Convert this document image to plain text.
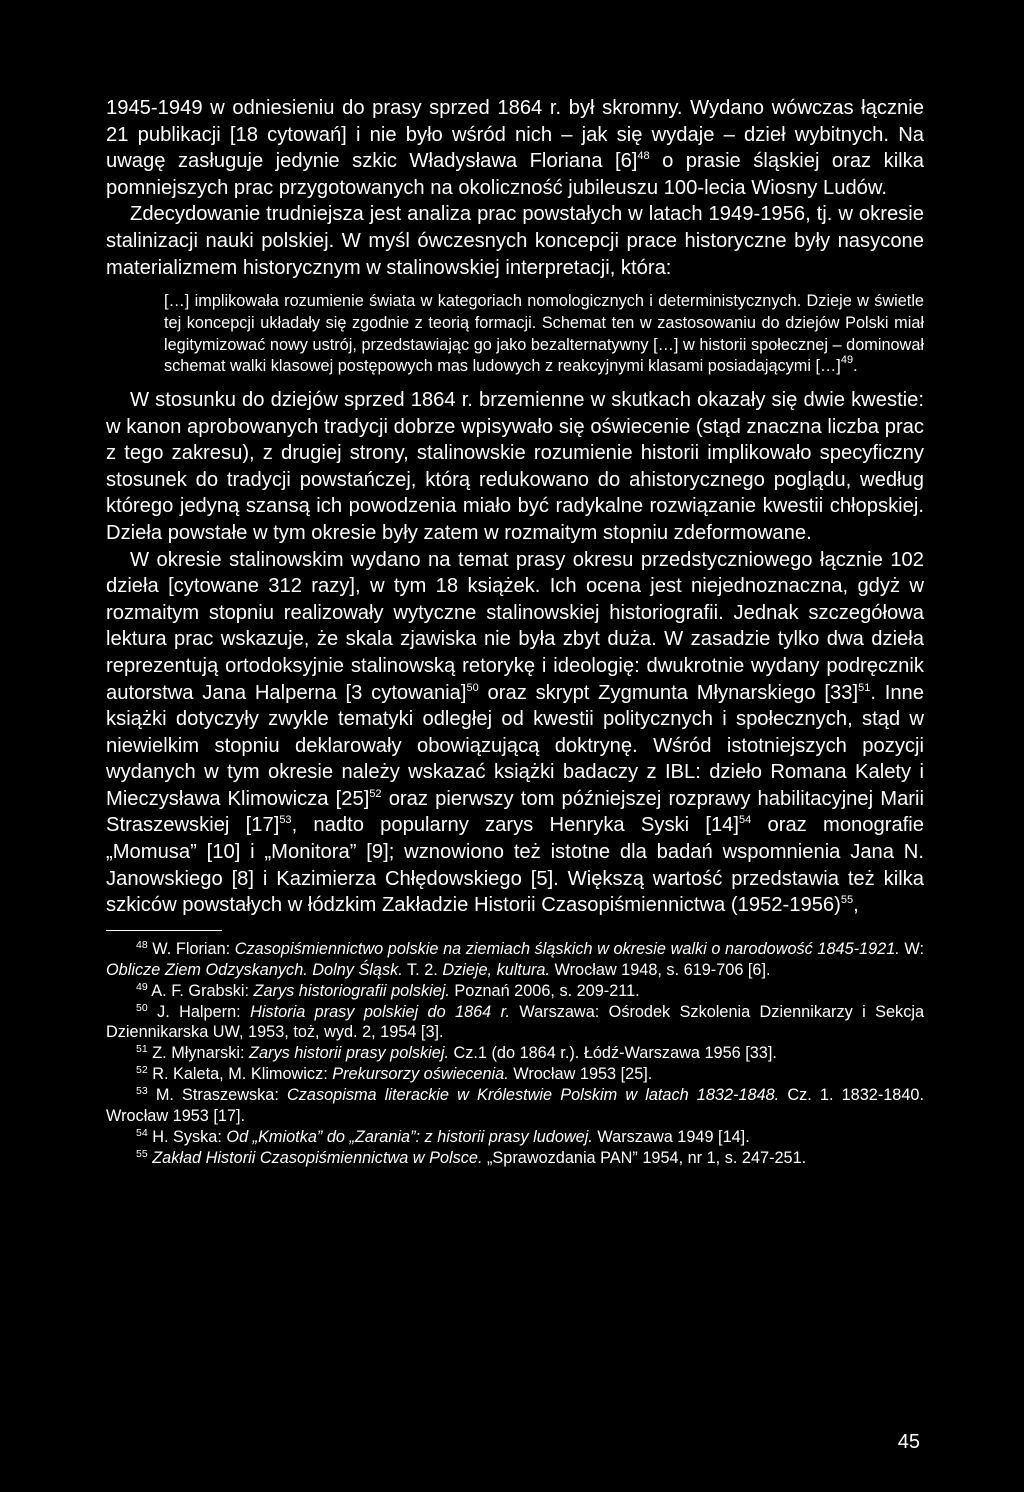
1945-1949 w odniesieniu do prasy sprzed 1864 r. był skromny. Wydano wówczas łącznie 21 publikacji [18 cytowań] i nie było wśród nich – jak się wydaje – dzieł wybitnych. Na uwagę zasługuje jedynie szkic Władysława Floriana $[6]^{48}$ o prasie śląskiej oraz kilka pomniejszych prac przygotowanych na okoliczność jubileuszu 100-lecia Wiosny Ludów.

Zdecydowanie trudniejsza jest analiza prac powstałych w latach 1949-1956, tj. w okresie stalinizacji nauki polskiej. W myśl ówczesnych koncepcji prace historyczne były nasycone materializmem historycznym w stalinowskiej interpretacji, która:

[…] implikowała rozumienie świata w kategoriach nomologicznych i deterministycznych. Dzieje w świetle tej koncepcji układały się zgodnie z teorią formacji. Schemat ten w zastosowaniu do dziejów Polski miał legitymizować nowy ustrój, przedstawiając go jako bezalternatywny […] w historii społecznej – dominował schemat walki klasowej postępowych mas ludowych z reakcyjnymi klasami posiadającymi […]$^{49}$.

W stosunku do dziejów sprzed 1864 r. brzemienne w skutkach okazały się dwie kwestie: w kanon aprobowanych tradycji dobrze wpisywało się oświecenie (stąd znaczna liczba prac z tego zakresu), z drugiej strony, stalinowskie rozumienie historii implikowało specyficzny stosunek do tradycji powstańczej, którą redukowano do ahistorycznego poglądu, według którego jedyną szansą ich powodzenia miało być radykalne rozwiązanie kwestii chłopskiej. Dzieła powstałe w tym okresie były zatem w rozmaitym stopniu zdeformowane.

W okresie stalinowskim wydano na temat prasy okresu przedstyczniowego łącznie 102 dzieła [cytowane 312 razy], w tym 18 książek. Ich ocena jest niejednoznaczna, gdyż w rozmaitym stopniu realizowały wytyczne stalinowskiej historiografii. Jednak szczegółowa lektura prac wskazuje, że skala zjawiska nie była zbyt duża. W zasadzie tylko dwa dzieła reprezentują ortodoksyjnie stalinowską retorykę i ideologię: dwukrotnie wydany podręcznik autorstwa Jana Halperna [3 cytowania]$^{50}$ oraz skrypt Zygmunta Młynarskiego $[33]^{51}$. Inne książki dotyczyły zwykle tematyki odległej od kwestii politycznych i społecznych, stąd w niewielkim stopniu deklarowały obowiązującą doktrynę. Wśród istotniejszych pozycji wydanych w tym okresie należy wskazać książki badaczy z IBL: dzieło Romana Kalety i Mieczysława Klimowicza $[25]^{52}$ oraz pierwszy tom późniejszej rozprawy habilitacyjnej Marii Straszewskiej $[17]^{53}$, nadto popularny zarys Henryka Syski $[14]^{54}$ oraz monografie „Momusa” [10] i „Monitora” [9]; wznowiono też istotne dla badań wspomnienia Jana N. Janowskiego [8] i Kazimierza Chłędowskiego [5]. Większą wartość przedstawia też kilka szkiców powstałych w łódzkim Zakładzie Historii Czasopiśmiennictwa (1952-1956)$^{55}$,

$^{48}$ W. Florian: Czasopiśmiennictwo polskie na ziemiach śląskich w okresie walki o narodowość 1845-1921. W: Oblicze Ziem Odzyskanych. Dolny Śląsk. T. 2. Dzieje, kultura. Wrocław 1948, s. 619-706 [6].

$^{49}$ A. F. Grabski: Zarys historiografii polskiej. Poznań 2006, s. 209-211.

$^{50}$ J. Halpern: Historia prasy polskiej do 1864 r. Warszawa: Ośrodek Szkolenia Dziennikarzy i Sekcja Dziennikarska UW, 1953, toż, wyd. 2, 1954 [3].

$^{51}$ Z. Młynarski: Zarys historii prasy polskiej. Cz.1 (do 1864 r.). Łódź-Warszawa 1956 [33].

$^{52}$ R. Kaleta, M. Klimowicz: Prekursorzy oświecenia. Wrocław 1953 [25].

$^{53}$ M. Straszewska: Czasopisma literackie w Królestwie Polskim w latach 1832-1848. Cz. 1. 1832-1840. Wrocław 1953 [17].

$^{54}$ H. Syska: Od „Kmiotka” do „Zarania”: z historii prasy ludowej. Warszawa 1949 [14].

$^{55}$ Zakład Historii Czasopiśmiennictwa w Polsce. „Sprawozdania PAN” 1954, nr 1, s. 247-251.

45
